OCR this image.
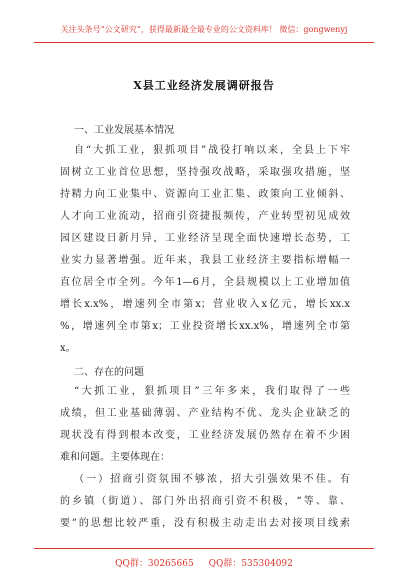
关注头条号“公文研究”，获得最新最全最专业的公文资料库！ 微信：gongwenyj
X县工业经济发展调研报告
一、工业发展基本情况
自“大抓工业，狠抓项目”战役打响以来，全县上下牢
固树立工业首位思想，坚持强攻战略，采取强攻措施，坚
持精力向工业集中、资源向工业汇集、政策向工业倾斜、
人才向工业流动，招商引资捷报频传，产业转型初见成效
园区建设日新月异，工业经济呈现全面快速增长态势，工
业实力显著增强。近年来，我县工业经济主要指标增幅一
直位居全市全列。今年1—6月，全县规模以上工业增加值
增长x.x%，增速列全市第x；营业收入x亿元，增长xx.x
%，增速列全市第x；工业投资增长xx.x%，增速列全市第
x。
二、存在的问题
“大抓工业，狠抓项目”三年多来，我们取得了一些
成绩，但工业基础薄弱、产业结构不优、龙头企业缺乏的
现状没有得到根本改变，工业经济发展仍然存在着不少困
难和问题。主要体现在：
（一）招商引资氛围不够浓，招大引强效果不佳。有
的乡镇（街道）、部门外出招商引资不积极，“等、靠、
要”的思想比较严重，没有积极主动走出去对接项目线索
QQ群：30265665 QQ群：535304092
